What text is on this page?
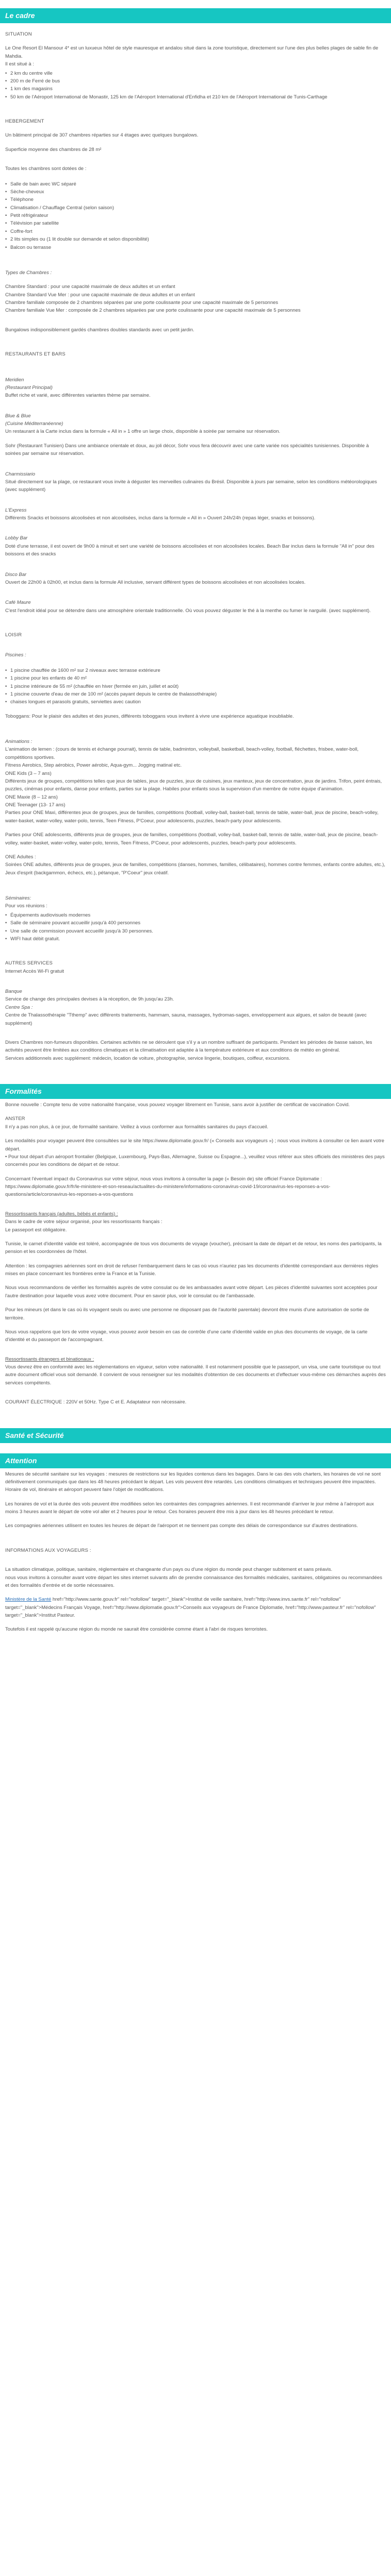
Le cadre

SITUATION

Le One Resort El Mansour 4* est un luxueux hôtel de style mauresque et andalou situé dans la zone touristique, directement sur l'une des plus belles plages de sable fin de Mahdia.

Il est situé à :

• 2 km du centre ville
• 200 m de Ferré de bus
• 1 km des magasins
• 50 km de l'Aéroport International de Monastir, 125 km de l'Aéroport International d'Enfidha et 210 km de l'Aéroport International de Tunis-Carthage

HEBERGEMENT

Un bâtiment principal de 307 chambres réparties sur 4 étages avec quelques bungalows.

Superficie moyenne des chambres de 28 m²

Toutes les chambres sont dotées de :

• Salle de bain avec WC séparé
• Sèche-cheveux
• Téléphone
• Climatisation / Chauffage Central (selon saison)
• Petit réfrigérateur
• Télévision par satellite
• Coffre-fort
• 2 lits simples ou (1 lit double sur demande et selon disponibilité)
• Balcon ou terrasse

Types de Chambres :

Chambre Standard : pour une capacité maximale de deux adultes et un enfant

Chambre Standard Vue Mer : pour une capacité maximale de deux adultes et un enfant

Chambre familiale composée de 2 chambres séparées par une porte coulissante pour une capacité maximale de 5 personnes

Chambre familiale Vue Mer : composée de 2 chambres séparées par une porte coulissante pour une capacité maximale de 5 personnes

Bungalows indisponsiblement gardés chambres doubles standards avec un petit jardin.

RESTAURANTS ET BARS

Meridien

(Restaurant Principal)

Buffet riche et varié, avec différentes variantes thème par semaine.

Blue & Blue

(Cuisine Méditerranéenne)

Un restaurant à la Carte inclus dans la formule « All in » 1 offre un large choix, disponible à soirée par semaine sur réservation.

Sohr (Restaurant Tunisien) Dans une ambiance orientale et doux, au joli décor, Sohr vous fera découvrir avec une carte variée nos spécialités tunisiennes. Disponible à soirées par semaine sur réservation.

Charmissiario

Situé directement sur la plage, ce restaurant vous invite à déguster les merveilles culinaires du Brésil. Disponible à jours par semaine, selon les conditions météorologiques (avec supplément)

L'Express

Différents Snacks et boissons alcoolisées et non alcoolisées, inclus dans la formule « All in » Ouvert 24h/24h (repas léger, snacks et boissons).

Lobby Bar

Doté d'une terrasse, il est ouvert de 9h00 à minuit et sert une variété de boissons alcoolisées et non alcoolisées locales. Beach Bar inclus dans la formule "All in" pour des boissons et des snacks

Disco Bar

Ouvert de 22h00 à 02h00, et inclus dans la formule All inclusive, servant différent types de boissons alcoolisées et non alcoolisées locales.

Café Maure

C'est l'endroit idéal pour se détendre dans une atmosphère orientale traditionnelle. Où vous pouvez déguster le thé à la menthe ou fumer le narguilé. (avec supplément).

LOISIR

Piscines :

• 1 piscine chauffée de 1600 m² sur 2 niveaux avec terrasse extérieure
• 1 piscine pour les enfants de 40 m²
• 1 piscine intérieure de 55 m² (chauffée en hiver (fermée en juin, juillet et août)
• 1 piscine couverte d'eau de mer de 100 m² (accès payant depuis le centre de thalassothérapie)
• chaises longues et parasols gratuits, serviettes avec caution

Toboggans: Pour le plaisir des adultes et des jeunes, différents toboggans vous invitent à vivre une expérience aquatique inoubliable.

Animations :

L'animation de lemen : (cours de tennis et échange pourrait), tennis de table, badminton, volleyball, basketball, beach-volley, football, fléchettes, frisbee, water-boll, compétitions sportives.

Fitness Aerobics, Step aérobics, Power aérobic, Aqua-gym... Jogging matinal etc.

ONE Kids (3 – 7 ans)

Différents jeux de groupes, compétitions telles que jeux de tables, jeux de puzzles, jeux de cuisines, jeux manteux, jeux de concentration, jeux de jardins. Trifon, peint éntrais, puzzles, cinémas pour enfants, danse pour enfants, parties sur la plage. Habiles pour enfants sous la supervision d'un membre de notre équipe d'animation.

ONE Maxie (8 – 12 ans)

ONE Teenager (13- 17 ans)

Parties pour ONE Maxi, différentes jeux de groupes, jeux de familles, compétitions (football, volley-ball, basket-ball, tennis de table, water-ball, jeux de piscine, beach-volley, water-basket, water-volley, water-polo, tennis, Teen Fitness, P'Coeur, pour adolescents, puzzles, beach-party pour adolescents.

Parties pour ONE adolescents, différents jeux de groupes, jeux de familles, compétitions (football, volley-ball, basket-ball, tennis de table, water-ball, jeux de piscine, beach-volley, water-basket, water-volley, water-polo, tennis, Teen Fitness, P'Coeur, pour adolescents, puzzles, beach-party pour adolescents.

ONE Adultes :

Soirées ONE adultes, différents jeux de groupes, jeux de familles, compétitions (danses, hommes, familles, célibataires), hommes contre femmes, enfants contre adultes, etc.), Jeux d'esprit (backgammon, échecs, etc.), pétanque, "P'Coeur" jeux créatif.

Séminaires:

Pour vos réunions :

• Équipements audiovisuels modernes
• Salle de séminaire pouvant accueillir jusqu'à 400 personnes
• Une salle de commission pouvant accueillir jusqu'à 30 personnes.
• WIFI haut débit gratuit.

AUTRES SERVICES

Internet Accès Wi-Fi gratuit

Banque

Service de change des principales devises à la réception, de 9h jusqu'au 23h.

Centre Spa :

Centre de Thalassothérapie "Tthemp" avec différents traitements, hammam, sauna, massages, hydromas-sages, enveloppement aux algues, et salon de beauté (avec supplément)

Divers Chambres non-fumeurs disponibles. Certaines activités ne se déroulent que s'il y a un nombre suffisant de participants. Pendant les périodes de basse saison, les activités peuvent être limitées aux conditions climatiques et la climatisation est adaptée à la température extérieure et aux conditions de météo en général.

Services additionnels avec supplément: médecin, location de voiture, photographie, service lingerie, boutiques, coiffeur, excursions.

Formalités

Bonne nouvelle : Compte tenu de votre nationalité française, vous pouvez voyager librement en Tunisie, sans avoir à justifier de certificat de vaccination Covid.

ANSTER

Il n'y a pas non plus, à ce jour, de formalité sanitaire. Veillez à vous conformer aux formalités sanitaires du pays d'accueil.

Les modalités pour voyager peuvent être consultées sur le site https://www.diplomatie.gouv.fr/ (« Conseils aux voyageurs ») ; nous vous invitons à consulter ce lien avant votre départ.

• Pour tout départ d'un aéroport frontalier (Belgique, Luxembourg, Pays-Bas, Allemagne, Suisse ou Espagne...), veuillez vous référer aux sites officiels des ministères des pays concernés pour les conditions de départ et de retour.

Concernant l'éventuel impact du Coronavirus sur votre séjour, nous vous invitons à consulter la page (« Besoin de) site officiel France Diplomatie : https://www.diplomatie.gouv.fr/fr/le-ministere-et-son-reseau/actualites-du-ministere/informations-coronavirus-covid-19/coronavirus-les-reponses-a-vos-questions/article/coronavirus-les-reponses-a-vos-questions

Ressortissants français (adultes, bébés et enfants) :

Dans le cadre de votre séjour organisé, pour les ressortissants français :

Le passeport est obligatoire.

Tunisie, le carnet d'identité valide est toléré, accompagnée de tous vos documents de voyage (voucher), précisant la date de départ et de retour, les noms des participants, la pension et les coordonnées de l'hôtel.

Attention : les compagnies aériennes sont en droit de refuser l'embarquement dans le cas où vous n'auriez pas les documents d'identité correspondant aux dernières règles mises en place concernant les frontières entre la France et la Tunisie.

Nous vous recommandons de vérifier les formalités auprès de votre consulat ou de les ambassades avant votre départ. Les pièces d'identité suivantes sont acceptées pour l'autre destination pour laquelle vous avez votre document. Pour en savoir plus, voir le consulat ou de l'ambassade.

Pour les mineurs (et dans le cas où ils voyagent seuls ou avec une personne ne disposant pas de l'autorité parentale) devront être munis d'une autorisation de sortie de territoire.

Nous vous rappelons que lors de votre voyage, vous pouvez avoir besoin en cas de contrôle d'une carte d'identité valide en plus des documents de voyage, de la carte d'identité et du passeport de l'accompagnant.

Ressortissants étrangers et binationaux :

Vous devrez être en conformité avec les réglementations en vigueur, selon votre nationalité. Il est notamment possible que le passeport, un visa, une carte touristique ou tout autre document officiel vous soit demandé. Il convient de vous renseigner sur les modalités d'obtention de ces documents et d'effectuer vous-même ces démarches auprès des services compétents.

COURANT ÉLECTRIQUE : 220V et 50Hz. Type C et E. Adaptateur non nécessaire.

Santé et Sécurité
Attention

Mesures de sécurité sanitaire sur les voyages : mesures de restrictions sur les liquides contenus dans les bagages. Dans le cas des vols charters, les horaires de vol ne sont définitivement communiqués que dans les 48 heures précédant le départ. Les vols peuvent être retardés. Les conditions climatiques et techniques peuvent être impactées. Horaire de vol, itinéraire et aéroport peuvent faire l'objet de modifications.

Les horaires de vol et la durée des vols peuvent être modifiées selon les contraintes des compagnies aériennes. Il est recommandé d'arriver le jour même à l'aéroport aux moins 3 heures avant le départ de votre vol aller et 2 heures pour le retour. Ces horaires peuvent être mis à jour dans les 48 heures précédant le retour.

Les compagnies aériennes utilisent en toutes les heures de départ de l'aéroport et ne tiennent pas compte des délais de correspondance sur d'autres destinations.

INFORMATIONS AUX VOYAGEURS :

La situation climatique, politique, sanitaire, réglementaire et changeante d'un pays ou d'une région du monde peut changer subitement et sans préavis.

nous vous invitons à consulter avant votre départ les sites internet suivants afin de prendre connaissance des formalités médicales, sanitaires, obligatoires ou recommandées et des formalités d'entrée et de sortie nécessaires.

Ministère de la Santé href="http://www.sante.gouv.fr" rel="nofollow" target="_blank">Institut de veille sanitaire, href="http://www.invs.sante.fr" rel="nofollow" target="_blank">Médecins Français Voyage, href="http://www.diplomatie.gouv.fr">Conseils aux voyageurs de France Diplomatie, href="http://www.pasteur.fr" rel="nofollow" target="_blank">Institut Pasteur.

Toutefois il est rappelé qu'aucune région du monde ne saurait être considérée comme étant à l'abri de risques terroristes.
